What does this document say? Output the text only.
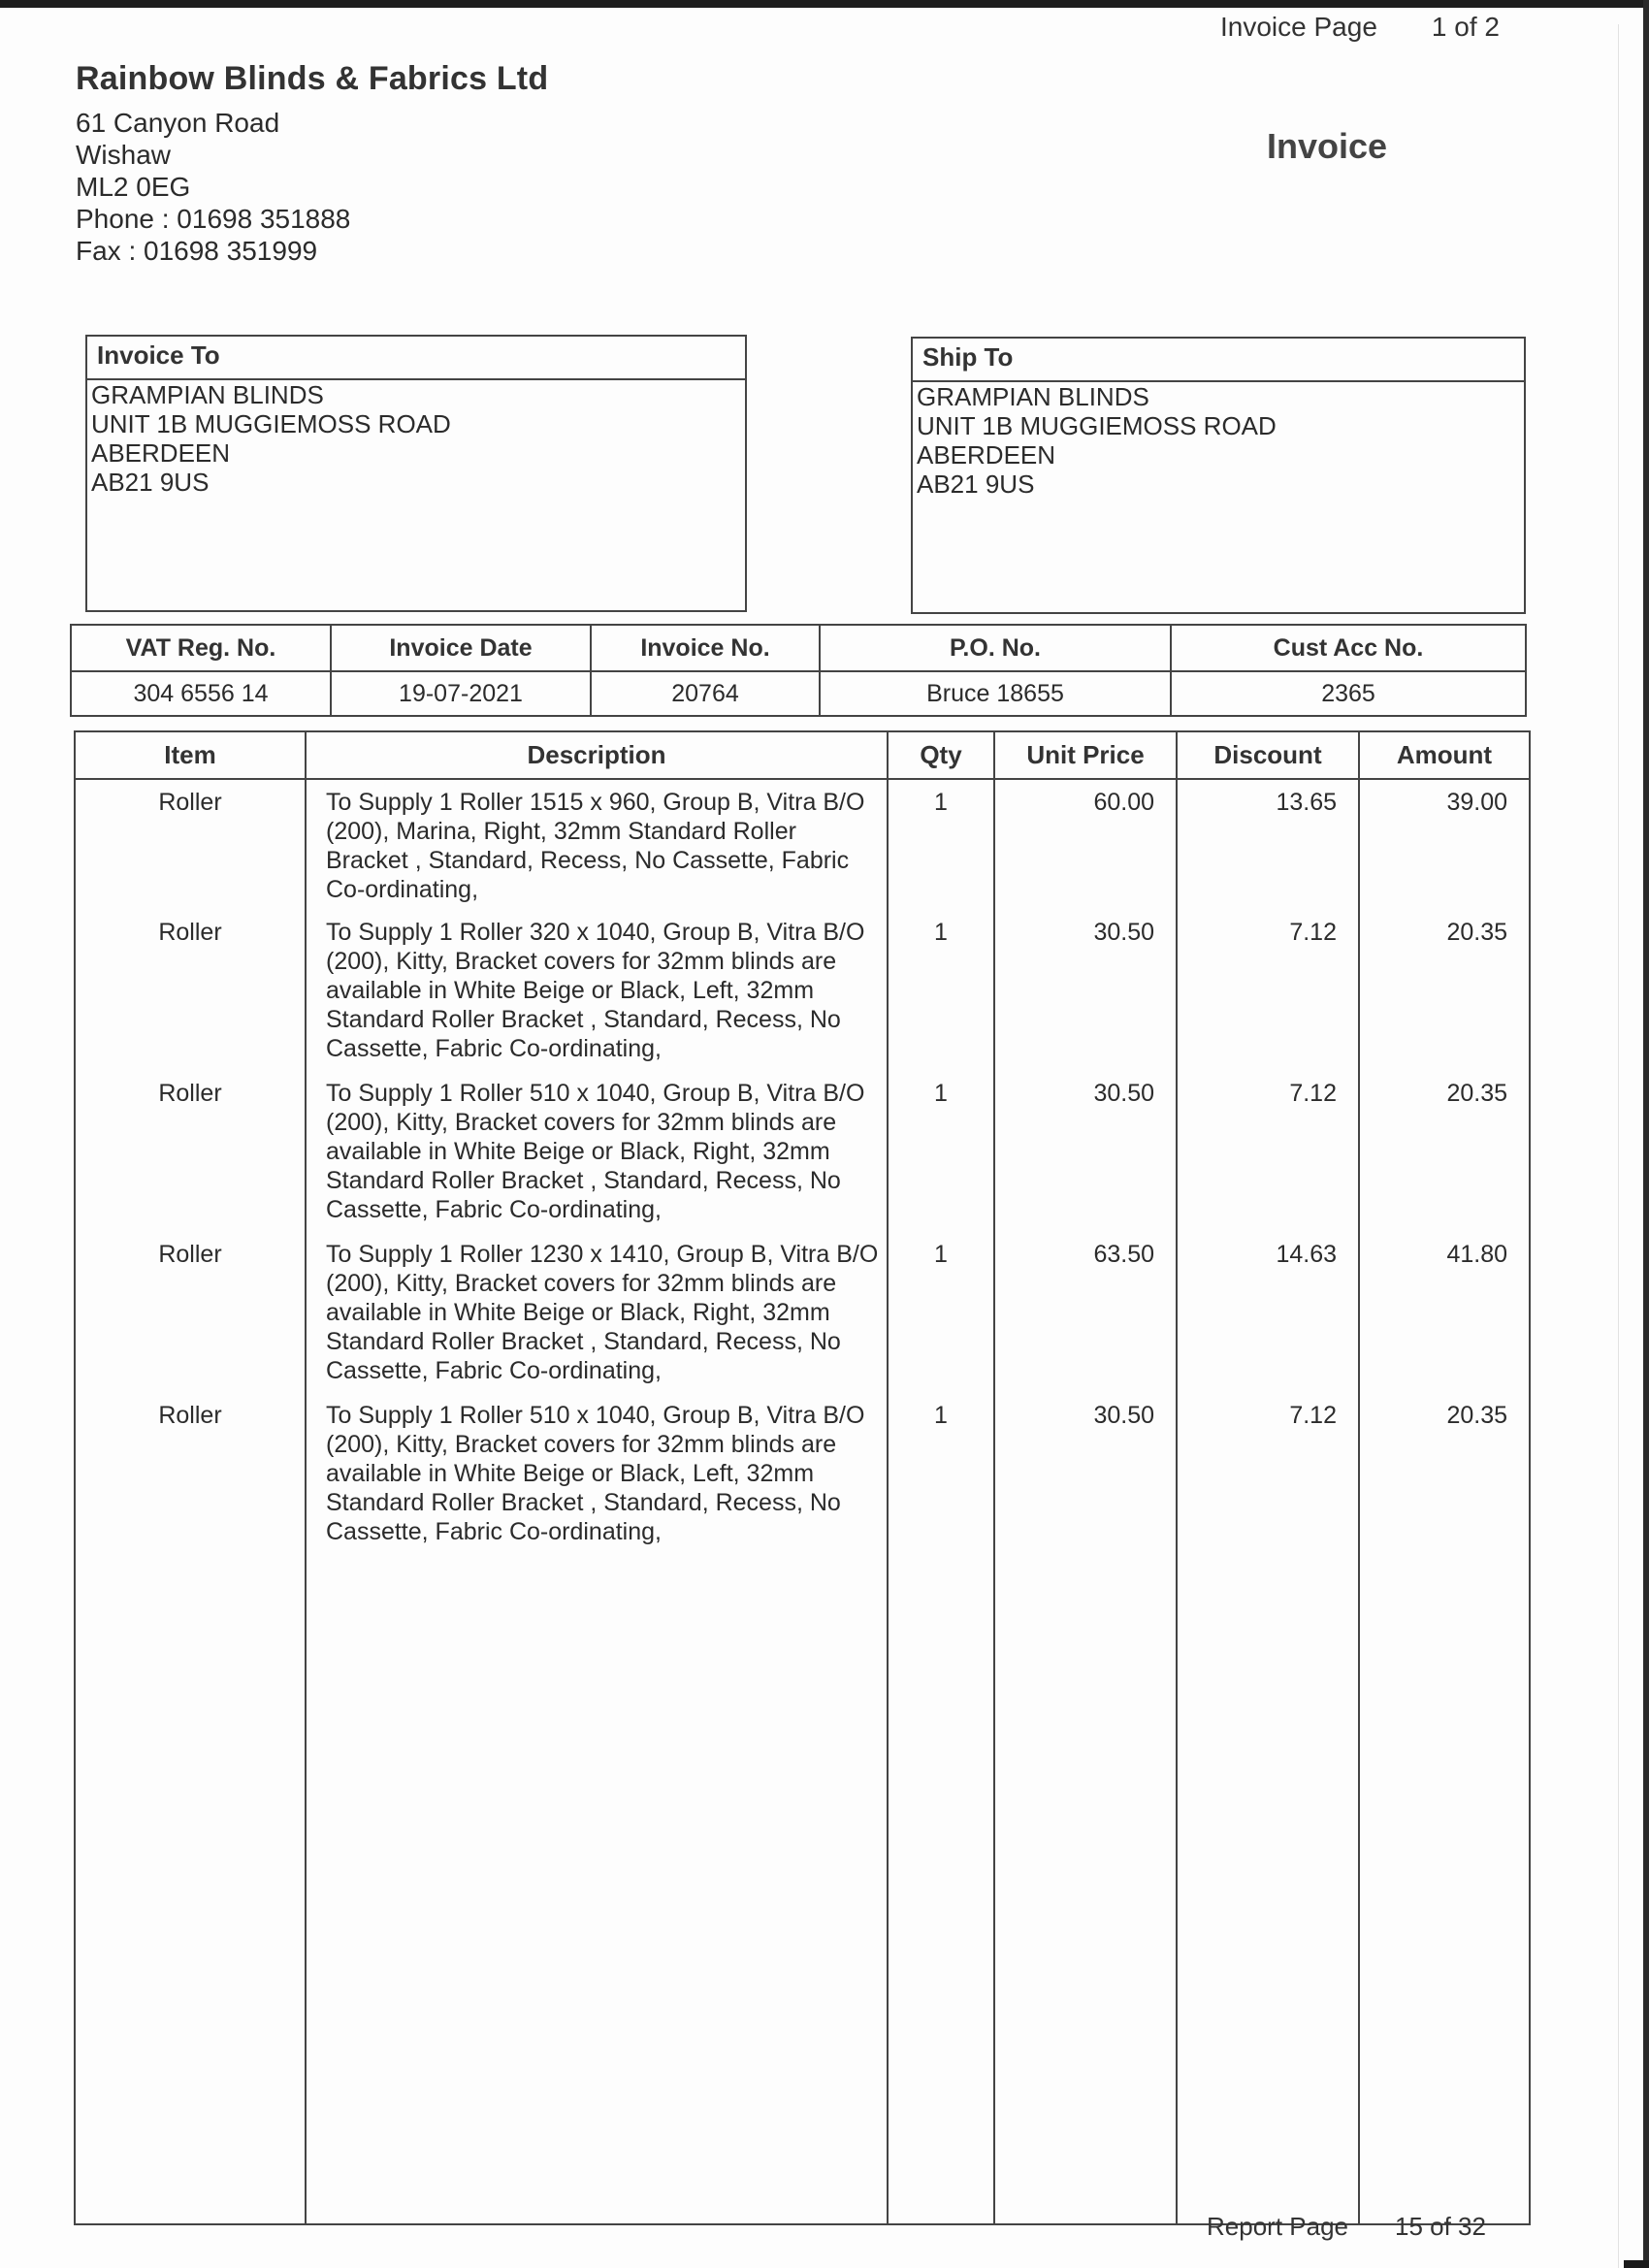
Rainbow Blinds & Fabrics Ltd
61 Canyon Road
Wishaw
ML2 0EG
Phone : 01698 351888
Fax : 01698 351999
Invoice Page 1 of 2
Invoice
Invoice To
GRAMPIAN BLINDS
UNIT 1B MUGGIEMOSS ROAD
ABERDEEN
AB21 9US
Ship To
GRAMPIAN BLINDS
UNIT 1B MUGGIEMOSS ROAD
ABERDEEN
AB21 9US
VAT Reg. No.	Invoice Date	Invoice No.	P.O. No.	Cust Acc No.
304 6556 14	19-07-2021	20764	Bruce 18655	2365
Item	Description	Qty	Unit Price	Discount	Amount
Roller	To Supply 1 Roller 1515 x 960, Group B, Vitra B/O (200), Marina, Right, 32mm Standard Roller Bracket , Standard, Recess, No Cassette, Fabric Co-ordinating,	1	60.00	13.65	39.00
Roller	To Supply 1 Roller 320 x 1040, Group B, Vitra B/O (200), Kitty, Bracket covers for 32mm blinds are available in White Beige or Black, Left, 32mm Standard Roller Bracket , Standard, Recess, No Cassette, Fabric Co-ordinating,	1	30.50	7.12	20.35
Roller	To Supply 1 Roller 510 x 1040, Group B, Vitra B/O (200), Kitty, Bracket covers for 32mm blinds are available in White Beige or Black, Right, 32mm Standard Roller Bracket , Standard, Recess, No Cassette, Fabric Co-ordinating,	1	30.50	7.12	20.35
Roller	To Supply 1 Roller 1230 x 1410, Group B, Vitra B/O (200), Kitty, Bracket covers for 32mm blinds are available in White Beige or Black, Right, 32mm Standard Roller Bracket , Standard, Recess, No Cassette, Fabric Co-ordinating,	1	63.50	14.63	41.80
Roller	To Supply 1 Roller 510 x 1040, Group B, Vitra B/O (200), Kitty, Bracket covers for 32mm blinds are available in White Beige or Black, Left, 32mm Standard Roller Bracket , Standard, Recess, No Cassette, Fabric Co-ordinating,	1	30.50	7.12	20.35

Report Page 15 of 32
